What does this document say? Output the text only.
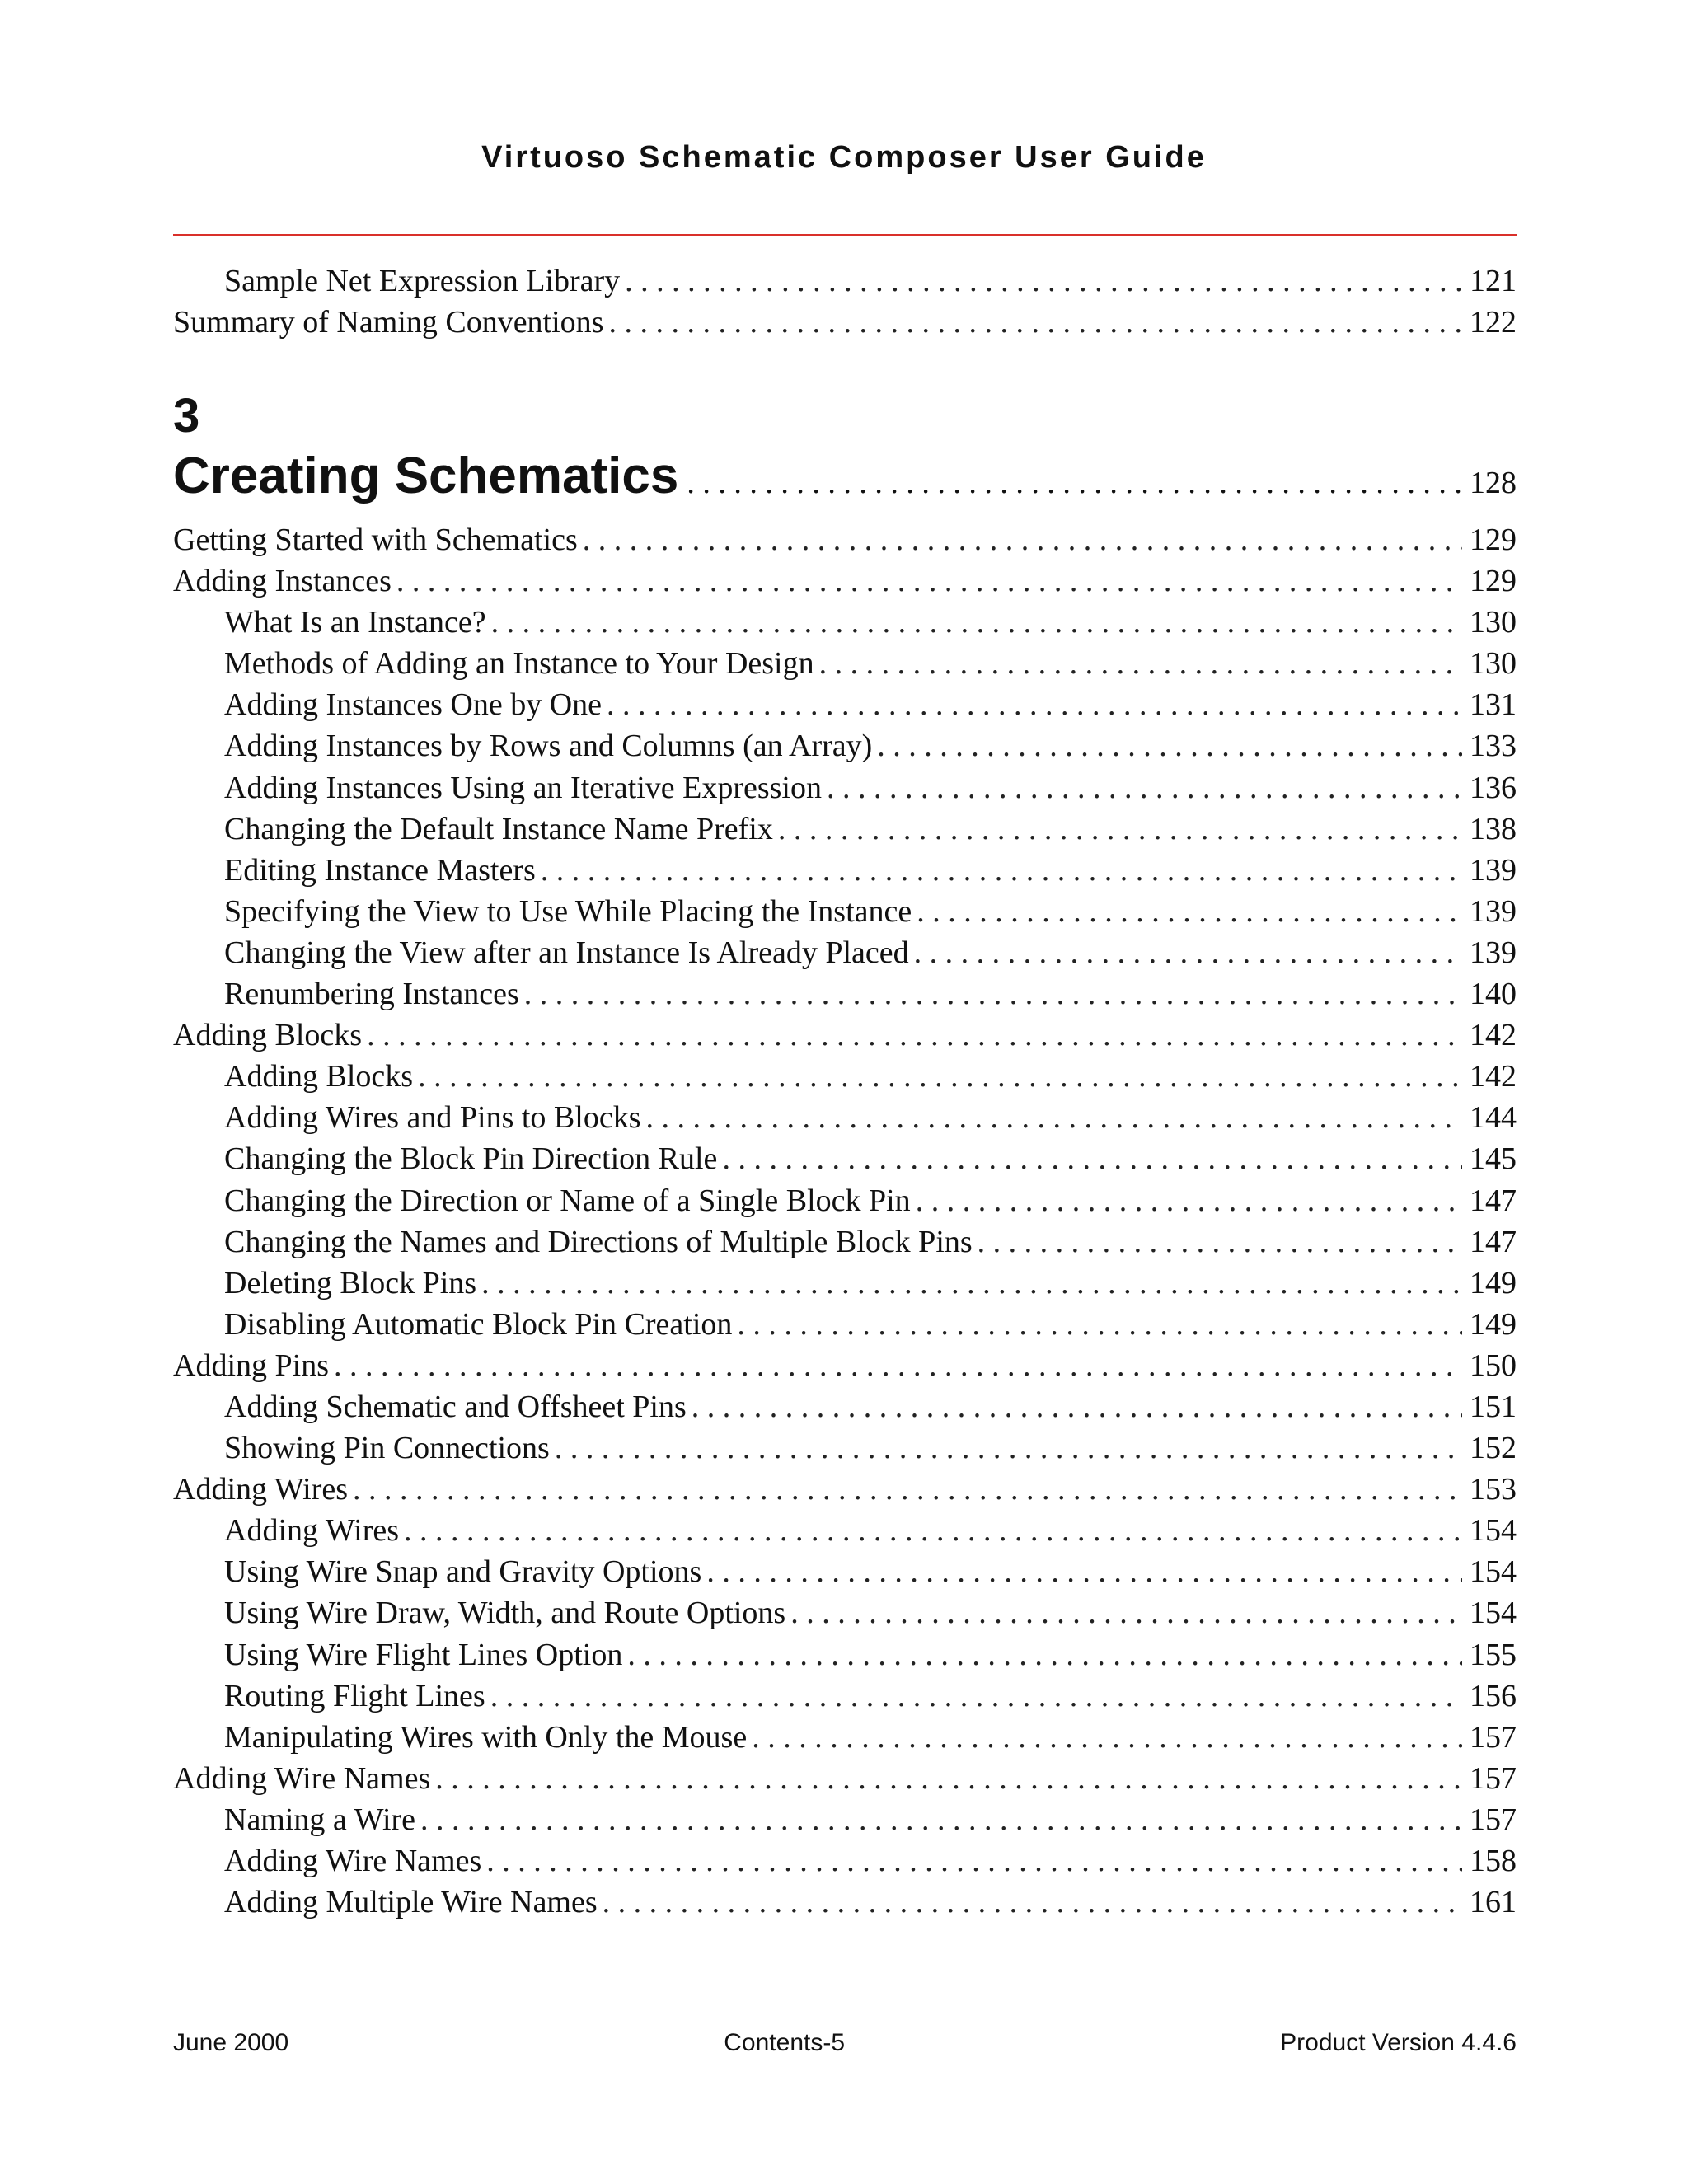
Virtuoso Schematic Composer User Guide
Sample Net Expression Library . . .	121
Summary of Naming Conventions . . .	122
3
Creating Schematics . . .	128
Getting Started with Schematics . . .	129
Adding Instances . . .	129
What Is an Instance? . . .	130
Methods of Adding an Instance to Your Design . . .	130
Adding Instances One by One . . .	131
Adding Instances by Rows and Columns (an Array) . . .	133
Adding Instances Using an Iterative Expression . . .	136
Changing the Default Instance Name Prefix . . .	138
Editing Instance Masters . . .	139
Specifying the View to Use While Placing the Instance . . .	139
Changing the View after an Instance Is Already Placed . . .	139
Renumbering Instances . . .	140
Adding Blocks . . .	142
Adding Blocks . . .	142
Adding Wires and Pins to Blocks . . .	144
Changing the Block Pin Direction Rule . . .	145
Changing the Direction or Name of a Single Block Pin . . .	147
Changing the Names and Directions of Multiple Block Pins . . .	147
Deleting Block Pins . . .	149
Disabling Automatic Block Pin Creation . . .	149
Adding Pins . . .	150
Adding Schematic and Offsheet Pins . . .	151
Showing Pin Connections . . .	152
Adding Wires . . .	153
Adding Wires . . .	154
Using Wire Snap and Gravity Options . . .	154
Using Wire Draw, Width, and Route Options . . .	154
Using Wire Flight Lines Option . . .	155
Routing Flight Lines . . .	156
Manipulating Wires with Only the Mouse . . .	157
Adding Wire Names . . .	157
Naming a Wire . . .	157
Adding Wire Names . . .	158
Adding Multiple Wire Names . . .	161
June 2000	Contents-5	Product Version 4.4.6
